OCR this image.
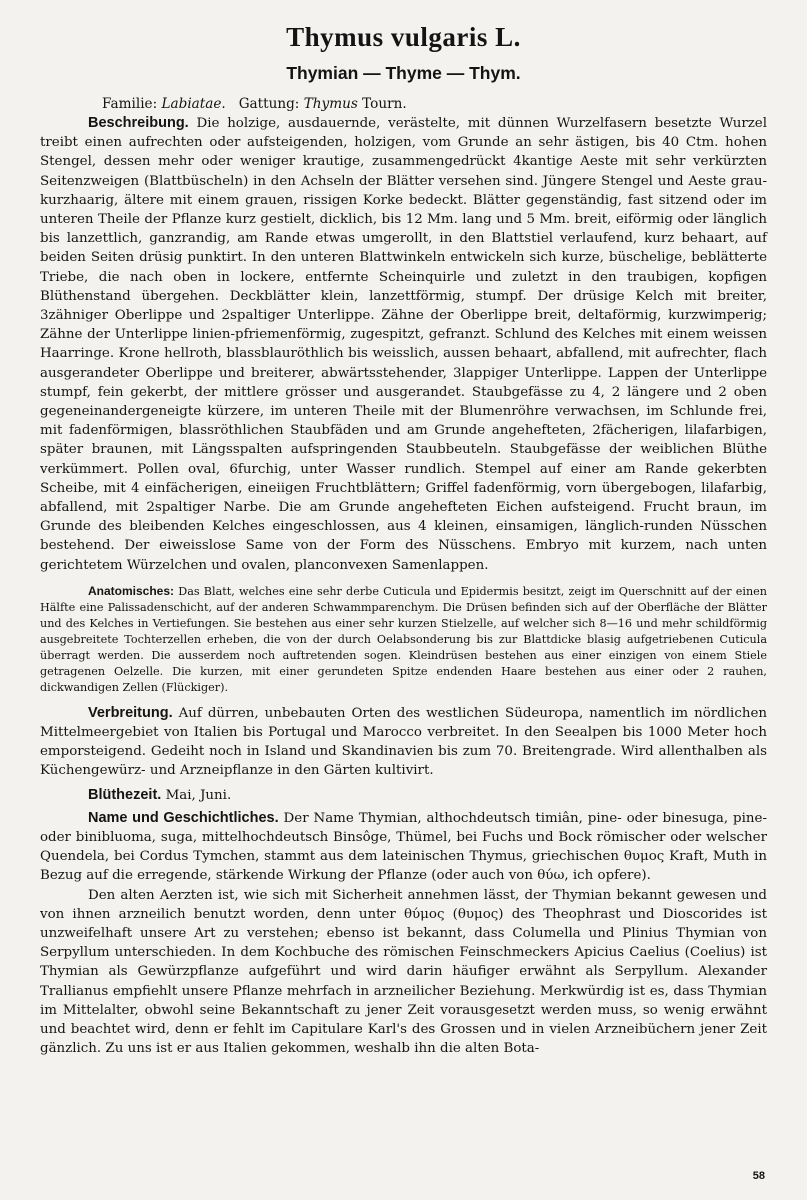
Thymus vulgaris L.
Thymian — Thyme — Thym.
Familie: Labiatae. Gattung: Thymus Tourn.

Beschreibung. Die holzige, ausdauernde, verästelte, mit dünnen Wurzelfasern besetzte Wurzel treibt einen aufrechten oder aufsteigenden, holzigen, vom Grunde an sehr ästigen, bis 40 Ctm. hohen Stengel, dessen mehr oder weniger krautige, zusammengedrückt 4kantige Aeste mit sehr verkürzten Seitenzweigen (Blattbüscheln) in den Achseln der Blätter versehen sind. Jüngere Stengel und Aeste grau-kurzhaarig, ältere mit einem grauen, rissigen Korke bedeckt. Blätter gegenständig, fast sitzend oder im unteren Theile der Pflanze kurz gestielt, dicklich, bis 12 Mm. lang und 5 Mm. breit, eiförmig oder länglich bis lanzettlich, ganzrandig, am Rande etwas umgerollt, in den Blattstiel verlaufend, kurz behaart, auf beiden Seiten drüsig punktirt. In den unteren Blattwinkeln entwickeln sich kurze, büschelige, beblätterte Triebe, die nach oben in lockere, entfernte Scheinquirle und zuletzt in den traubigen, kopfigen Blüthenstand übergehen. Deckblätter klein, lanzettförmig, stumpf. Der drüsige Kelch mit breiter, 3zähniger Oberlippe und 2spaltiger Unterlippe. Zähne der Oberlippe breit, deltaförmig, kurzwimperig; Zähne der Unterlippe linien-pfriemenförmig, zugespitzt, gefranzt. Schlund des Kelches mit einem weissen Haarringe. Krone hellroth, blassblauröthlich bis weisslich, aussen behaart, abfallend, mit aufrechter, flach ausgerandeter Oberlippe und breiterer, abwärtsstehender, 3lappiger Unterlippe. Lappen der Unterlippe stumpf, fein gekerbt, der mittlere grösser und ausgerandet. Staubgefässe zu 4, 2 längere und 2 oben gegeneinandergeneigte kürzere, im unteren Theile mit der Blumenröhre verwachsen, im Schlunde frei, mit fadenförmigen, blassröthlichen Staubfäden und am Grunde angehefteten, 2fächerigen, lilafarbigen, später braunen, mit Längsspalten aufspringenden Staubbeuteln. Staubgefässe der weiblichen Blüthe verkümmert. Pollen oval, 6furchig, unter Wasser rundlich. Stempel auf einer am Rande gekerbten Scheibe, mit 4 einfächerigen, eineiigen Fruchtblättern; Griffel fadenförmig, vorn übergebogen, lilafarbig, abfallend, mit 2spaltiger Narbe. Die am Grunde angehefteten Eichen aufsteigend. Frucht braun, im Grunde des bleibenden Kelches eingeschlossen, aus 4 kleinen, einsamigen, länglich-runden Nüsschen bestehend. Der eiweisslose Same von der Form des Nüsschens. Embryo mit kurzem, nach unten gerichtetem Würzelchen und ovalen, planconvexen Samenlappen.

Anatomisches: Das Blatt, welches eine sehr derbe Cuticula und Epidermis besitzt, zeigt im Querschnitt auf der einen Hälfte eine Palissadenschicht, auf der anderen Schwammparenchym. Die Drüsen befinden sich auf der Oberfläche der Blätter und des Kelches in Vertiefungen. Sie bestehen aus einer sehr kurzen Stielzelle, auf welcher sich 8—16 und mehr schildförmig ausgebreitete Tochterzellen erheben, die von der durch Oelabsonderung bis zur Blattdicke blasig aufgetriebenen Cuticula überragt werden. Die ausserdem noch auftretenden sogen. Kleindrüsen bestehen aus einer einzigen von einem Stiele getragenen Oelzelle. Die kurzen, mit einer gerundeten Spitze endenden Haare bestehen aus einer oder 2 rauhen, dickwandigen Zellen (Flückiger).

Verbreitung. Auf dürren, unbebauten Orten des westlichen Südeuropa, namentlich im nördlichen Mittelmeergebiet von Italien bis Portugal und Marocco verbreitet. In den Seealpen bis 1000 Meter hoch emporsteigend. Gedeiht noch in Island und Skandinavien bis zum 70. Breitengrade. Wird allenthalben als Küchengewürz- und Arzneipflanze in den Gärten kultivirt.

Blüthezeit. Mai, Juni.

Name und Geschichtliches. Der Name Thymian, althochdeutsch timiân, pine- oder binesuga, pine- oder binibluoma, suga, mittelhochdeutsch Binsôge, Thümel, bei Fuchs und Bock römischer oder welscher Quendela, bei Cordus Tymchen, stammt aus dem lateinischen Thymus, griechischen θυμος Kraft, Muth in Bezug auf die erregende, stärkende Wirkung der Pflanze (oder auch von θύω, ich opfere).

Den alten Aerzten ist, wie sich mit Sicherheit annehmen lässt, der Thymian bekannt gewesen und von ihnen arzneilich benutzt worden, denn unter θύμος (θυμος) des Theophrast und Dioscorides ist unzweifelhaft unsere Art zu verstehen; ebenso ist bekannt, dass Columella und Plinius Thymian von Serpyllum unterschieden. In dem Kochbuche des römischen Feinschmeckers Apicius Caelius (Coelius) ist Thymian als Gewürzpflanze aufgeführt und wird darin häufiger erwähnt als Serpyllum. Alexander Trallianus empfiehlt unsere Pflanze mehrfach in arzneilicher Beziehung. Merkwürdig ist es, dass Thymian im Mittelalter, obwohl seine Bekanntschaft zu jener Zeit vorausgesetzt werden muss, so wenig erwähnt und beachtet wird, denn er fehlt im Capitulare Karl's des Grossen und in vielen Arzneibüchern jener Zeit gänzlich. Zu uns ist er aus Italien gekommen, weshalb ihn die alten Bota-

58
